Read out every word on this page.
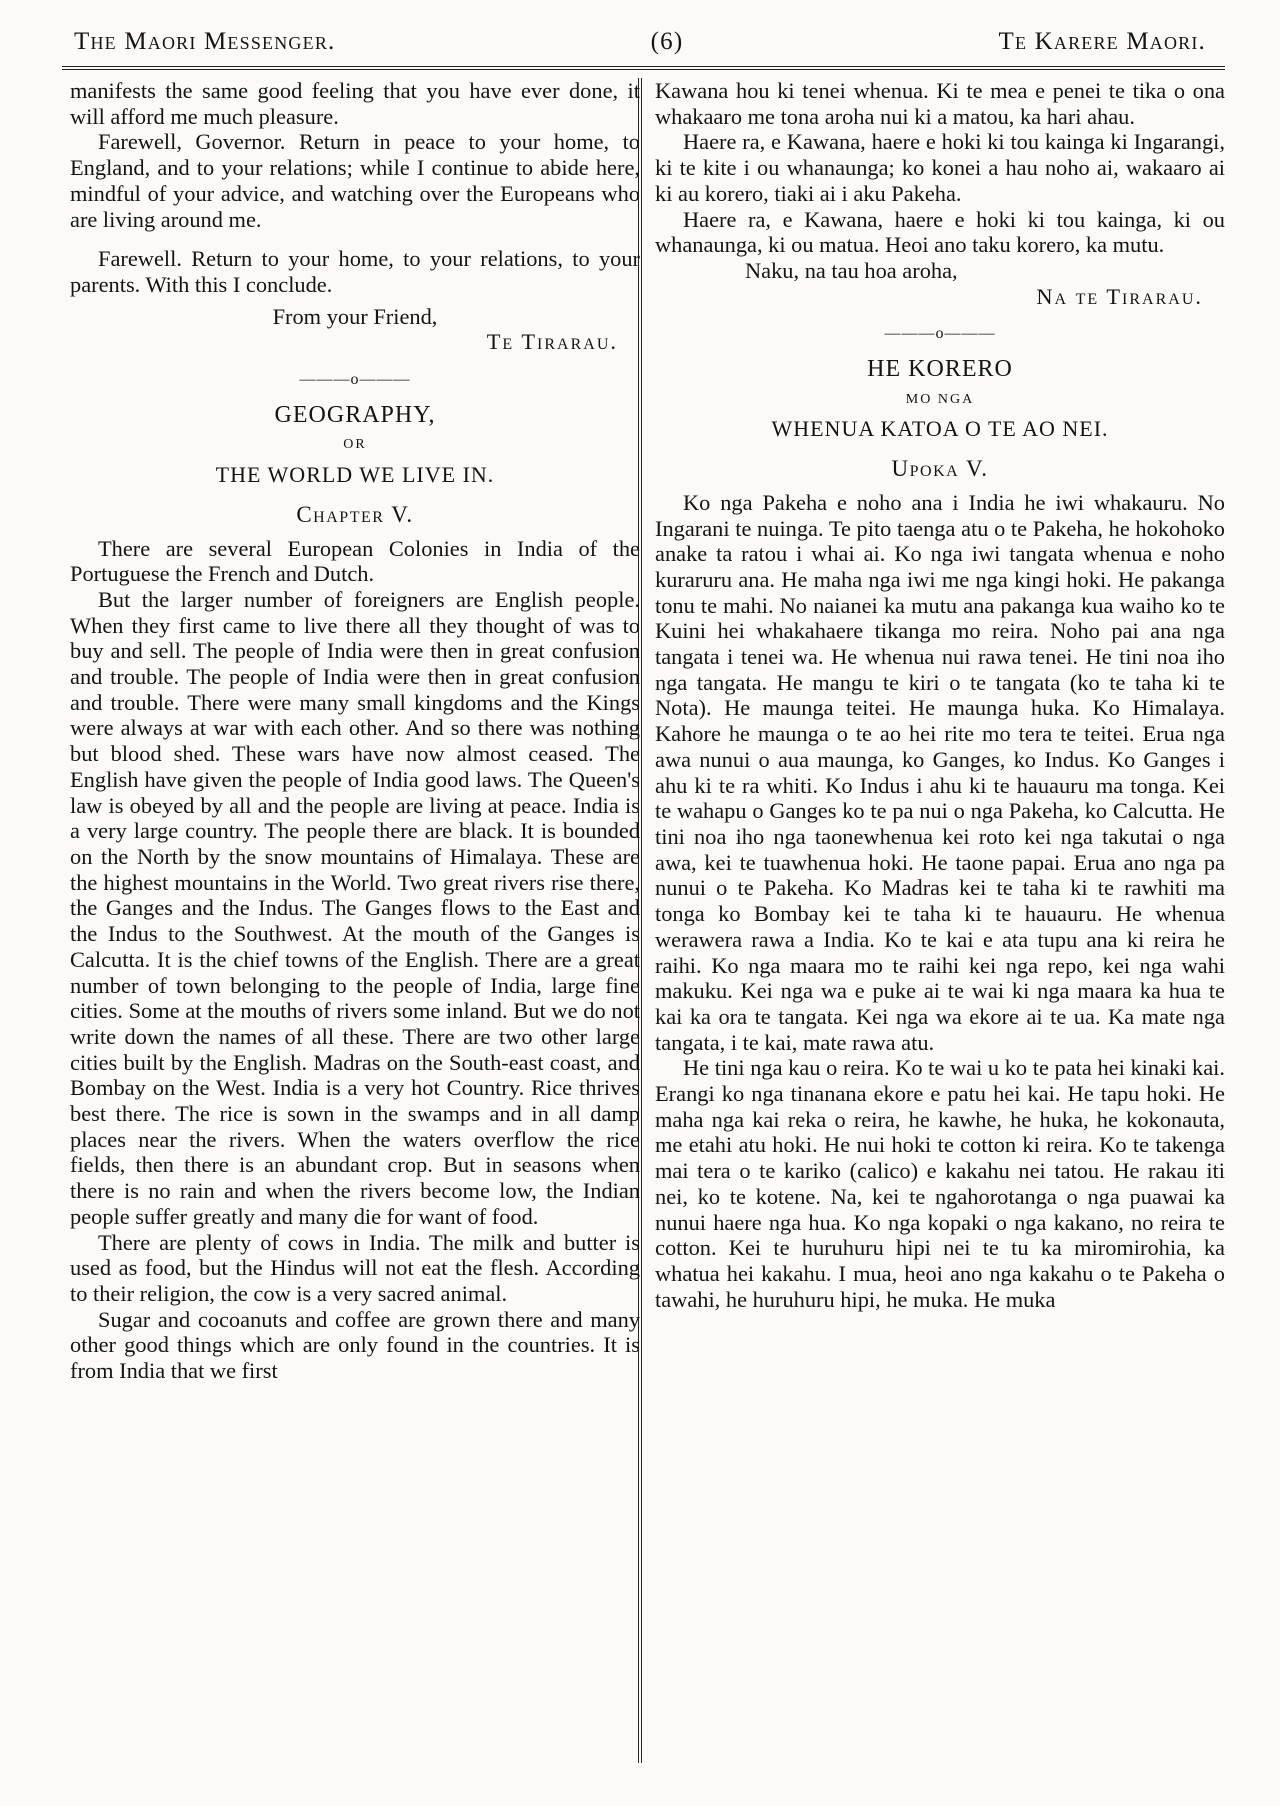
The Maori Messenger.	(6)	Te Karere Maori.

manifests the same good feeling that you have ever done, it will afford me much pleasure.

Farewell, Governor. Return in peace to your home, to England, and to your relations; while I continue to abide here, mindful of your advice, and watching over the Europeans who are living around me.

Farewell. Return to your home, to your relations, to your parents. With this I conclude.

From your Friend,

Te Tirarau.

———o———
GEOGRAPHY,
OR
THE WORLD WE LIVE IN.
Chapter V.

There are several European Colonies in India of the Portuguese the French and Dutch.

But the larger number of foreigners are English people. When they first came to live there all they thought of was to buy and sell. The people of India were then in great confusion and trouble. The people of India were then in great confusion and trouble. There were many small kingdoms and the Kings were always at war with each other. And so there was nothing but blood shed. These wars have now almost ceased. The English have given the people of India good laws. The Queen's law is obeyed by all and the people are living at peace. India is a very large country. The people there are black. It is bounded on the North by the snow mountains of Himalaya. These are the highest mountains in the World. Two great rivers rise there, the Ganges and the Indus. The Ganges flows to the East and the Indus to the Southwest. At the mouth of the Ganges is Calcutta. It is the chief towns of the English. There are a great number of town belonging to the people of India, large fine cities. Some at the mouths of rivers some inland. But we do not write down the names of all these. There are two other large cities built by the English. Madras on the South-east coast, and Bombay on the West. India is a very hot Country. Rice thrives best there. The rice is sown in the swamps and in all damp places near the rivers. When the waters overflow the rice fields, then there is an abundant crop. But in seasons when there is no rain and when the rivers become low, the Indian people suffer greatly and many die for want of food.

There are plenty of cows in India. The milk and butter is used as food, but the Hindus will not eat the flesh. According to their religion, the cow is a very sacred animal.

Sugar and cocoanuts and coffee are grown there and many other good things which are only found in the countries. It is from India that we first

Kawana hou ki tenei whenua. Ki te mea e penei te tika o ona whakaaro me tona aroha nui ki a matou, ka hari ahau.

Haere ra, e Kawana, haere e hoki ki tou kainga ki Ingarangi, ki te kite i ou whanaunga; ko konei a hau noho ai, wakaaro ai ki au korero, tiaki ai i aku Pakeha.

Haere ra, e Kawana, haere e hoki ki tou kainga, ki ou whanaunga, ki ou matua. Heoi ano taku korero, ka mutu.

Naku, na tau hoa aroha,

Na te Tirarau.

———o———
HE KORERO
MO NGA
WHENUA KATOA O TE AO NEI.
Upoka V.

Ko nga Pakeha e noho ana i India he iwi whakauru. No Ingarani te nuinga. Te pito taenga atu o te Pakeha, he hokohoko anake ta ratou i whai ai. Ko nga iwi tangata whenua e noho kuraruru ana. He maha nga iwi me nga kingi hoki. He pakanga tonu te mahi. No naianei ka mutu ana pakanga kua waiho ko te Kuini hei whakahaere tikanga mo reira. Noho pai ana nga tangata i tenei wa. He whenua nui rawa tenei. He tini noa iho nga tangata. He mangu te kiri o te tangata (ko te taha ki te Nota). He maunga teitei. He maunga huka. Ko Himalaya. Kahore he maunga o te ao hei rite mo tera te teitei. Erua nga awa nunui o aua maunga, ko Ganges, ko Indus. Ko Ganges i ahu ki te ra whiti. Ko Indus i ahu ki te hauauru ma tonga. Kei te wahapu o Ganges ko te pa nui o nga Pakeha, ko Calcutta. He tini noa iho nga taonewhenua kei roto kei nga takutai o nga awa, kei te tuawhenua hoki. He taone papai. Erua ano nga pa nunui o te Pakeha. Ko Madras kei te taha ki te rawhiti ma tonga ko Bombay kei te taha ki te hauauru. He whenua werawera rawa a India. Ko te kai e ata tupu ana ki reira he raihi. Ko nga maara mo te raihi kei nga repo, kei nga wahi makuku. Kei nga wa e puke ai te wai ki nga maara ka hua te kai ka ora te tangata. Kei nga wa ekore ai te ua. Ka mate nga tangata, i te kai, mate rawa atu.

He tini nga kau o reira. Ko te wai u ko te pata hei kinaki kai. Erangi ko nga tinanana ekore e patu hei kai. He tapu hoki. He maha nga kai reka o reira, he kawhe, he huka, he kokonauta, me etahi atu hoki. He nui hoki te cotton ki reira. Ko te takenga mai tera o te kariko (calico) e kakahu nei tatou. He rakau iti nei, ko te kotene. Na, kei te ngahorotanga o nga puawai ka nunui haere nga hua. Ko nga kopaki o nga kakano, no reira te cotton. Kei te huruhuru hipi nei te tu ka miromirohia, ka whatua hei kakahu. I mua, heoi ano nga kakahu o te Pakeha o tawahi, he huruhuru hipi, he muka. He muka
